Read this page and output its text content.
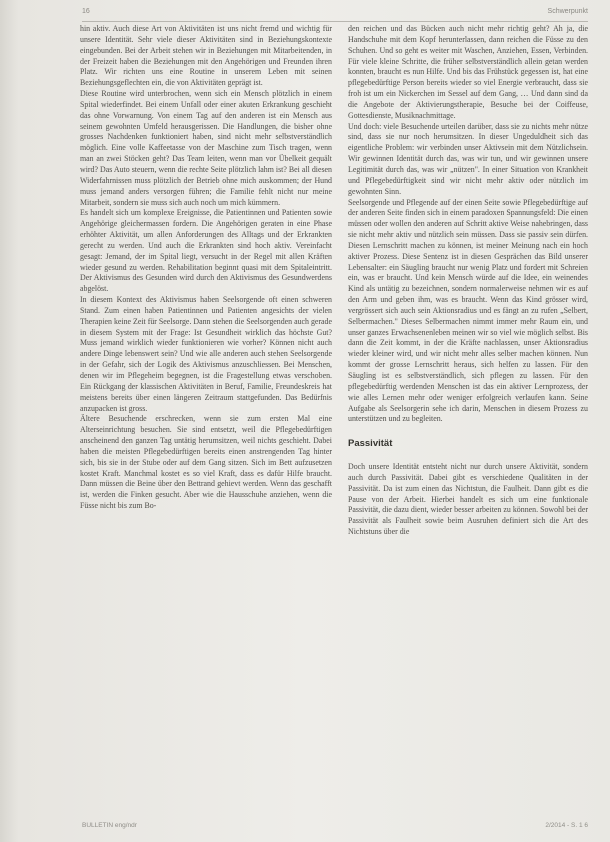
16	Schwerpunkt

hin aktiv. Auch diese Art von Aktivitäten ist uns nicht fremd und wichtig für unsere Identität. Sehr viele dieser Aktivitäten sind in Beziehungskontexte eingebunden. Bei der Arbeit stehen wir in Beziehungen mit Mitarbeitenden, in der Freizeit haben die Beziehungen mit den Angehörigen und Freunden ihren Platz. Wir richten uns eine Routine in unserem Leben mit seinen Beziehungsgeflechten ein, die von Aktivitäten geprägt ist.

Diese Routine wird unterbrochen, wenn sich ein Mensch plötzlich in einem Spital wiederfindet. Bei einem Unfall oder einer akuten Erkrankung geschieht das ohne Vorwarnung. Von einem Tag auf den anderen ist ein Mensch aus seinem gewohnten Umfeld herausgerissen. Die Handlungen, die bisher ohne grosses Nachdenken funktioniert haben, sind nicht mehr selbstverständlich möglich. Eine volle Kaffeetasse von der Maschine zum Tisch tragen, wenn man an zwei Stöcken geht? Das Team leiten, wenn man vor Übelkeit gequält wird? Das Auto steuern, wenn die rechte Seite plötzlich lahm ist? Bei all diesen Widerfahrnissen muss plötzlich der Betrieb ohne mich auskommen; der Hund muss jemand anders versorgen führen; die Familie fehlt nicht nur meine Mitarbeit, sondern sie muss sich auch noch um mich kümmern.

Es handelt sich um komplexe Ereignisse, die Patientinnen und Patienten sowie Angehörige gleichermassen fordern. Die Angehörigen geraten in eine Phase erhöhter Aktivität, um allen Anforderungen des Alltags und der Erkrankten gerecht zu werden. Und auch die Erkrankten sind hoch aktiv. Vereinfacht gesagt: Jemand, der im Spital liegt, versucht in der Regel mit allen Kräften wieder gesund zu werden. Rehabilitation beginnt quasi mit dem Spitaleintritt. Der Aktivismus des Gesunden wird durch den Aktivismus des Gesundwerdens abgelöst.

In diesem Kontext des Aktivismus haben Seelsorgende oft einen schweren Stand. Zum einen haben Patientinnen und Patienten angesichts der vielen Therapien keine Zeit für Seelsorge. Dann stehen die Seelsorgenden auch gerade in diesem System mit der Frage: Ist Gesundheit wirklich das höchste Gut? Muss jemand wirklich wieder funktionieren wie vorher? Können nicht auch andere Dinge lebenswert sein? Und wie alle anderen auch stehen Seelsorgende in der Gefahr, sich der Logik des Aktivismus anzuschliessen. Bei Menschen, denen wir im Pflegeheim begegnen, ist die Fragestellung etwas verschoben. Ein Rückgang der klassischen Aktivitäten in Beruf, Familie, Freundeskreis hat meistens bereits über einen längeren Zeitraum stattgefunden. Das Bedürfnis anzupacken ist gross.

Ältere Besuchende erschrecken, wenn sie zum ersten Mal eine Alterseinrichtung besuchen. Sie sind entsetzt, weil die Pflegebedürftigen anscheinend den ganzen Tag untätig herumsitzen, weil nichts geschieht. Dabei haben die meisten Pflegebedürftigen bereits einen anstrengenden Tag hinter sich, bis sie in der Stube oder auf dem Gang sitzen. Sich im Bett aufzusetzen kostet Kraft. Manchmal kostet es so viel Kraft, dass es dafür Hilfe braucht. Dann müssen die Beine über den Bettrand gehievt werden. Wenn das geschafft ist, werden die Finken gesucht. Aber wie die Hausschuhe anziehen, wenn die Füsse nicht bis zum Bo-

den reichen und das Bücken auch nicht mehr richtig geht? Ah ja, die Handschuhe mit dem Kopf herunterlassen, dann reichen die Füsse zu den Schuhen. Und so geht es weiter mit Waschen, Anziehen, Essen, Verbinden. Für viele kleine Schritte, die früher selbstverständlich allein getan werden konnten, braucht es nun Hilfe. Und bis das Frühstück gegessen ist, hat eine pflegebedürftige Person bereits wieder so viel Energie verbraucht, dass sie froh ist um ein Nickerchen im Sessel auf dem Gang, … Und dann sind da die Angebote der Aktivierungstherapie, Besuche bei der Coiffeuse, Gottesdienste, Musiknachmittage.

Und doch: viele Besuchende urteilen darüber, dass sie zu nichts mehr nütze sind, dass sie nur noch herumsitzen. In dieser Ungeduldheit sich das eigentliche Problem: wir verbinden unser Aktivsein mit dem Nützlichsein. Wir gewinnen Identität durch das, was wir tun, und wir gewinnen unsere Legitimität durch das, was wir „nützen". In einer Situation von Krankheit und Pflegebedürftigkeit sind wir nicht mehr aktiv oder nützlich im gewohnten Sinn.

Seelsorgende und Pflegende auf der einen Seite sowie Pflegebedürftige auf der anderen Seite finden sich in einem paradoxen Spannungsfeld: Die einen müssen oder wollen den anderen auf Schritt aktive Weise nahebringen, dass sie nicht mehr aktiv und nützlich sein müssen. Dass sie passiv sein dürfen. Diesen Lernschritt machen zu können, ist meiner Meinung nach ein hoch aktiver Prozess. Diese Sentenz ist in diesen Gesprächen das Bild unserer Lebensalter: ein Säugling braucht nur wenig Platz und fordert mit Schreien ein, was er braucht. Und kein Mensch würde auf die Idee, ein weinendes Kind als untätig zu bezeichnen, sondern normalerweise nehmen wir es auf den Arm und geben ihm, was es braucht. Wenn das Kind grösser wird, vergrössert sich auch sein Aktionsradius und es fängt an zu rufen „Selbert, Selbermachen." Dieses Selbermachen nimmt immer mehr Raum ein, und unser ganzes Erwachsenenleben meinen wir so viel wie möglich selbst. Bis dann die Zeit kommt, in der die Kräfte nachlassen, unser Aktionsradius wieder kleiner wird, und wir nicht mehr alles selber machen können. Nun kommt der grosse Lernschritt heraus, sich helfen zu lassen. Für den Säugling ist es selbstverständlich, sich pflegen zu lassen. Für den pflegebedürftig werdenden Menschen ist das ein aktiver Lernprozess, der wie alles Lernen mehr oder weniger erfolgreich verlaufen kann. Seine Aufgabe als Seelsorgerin sehe ich darin, Menschen in diesem Prozess zu unterstützen und zu begleiten.

Passivität

Doch unsere Identität entsteht nicht nur durch unsere Aktivität, sondern auch durch Passivität. Dabei gibt es verschiedene Qualitäten in der Passivität. Da ist zum einen das Nichtstun, die Faulheit. Dann gibt es die Pause von der Arbeit. Hierbei handelt es sich um eine funktionale Passivität, die dazu dient, wieder besser arbeiten zu können. Sowohl bei der Passivität als Faulheit sowie beim Ausruhen definiert sich die Art des Nichtstuns über die

BULLETIN eng/ndr	2/2014 - S. 1 6
